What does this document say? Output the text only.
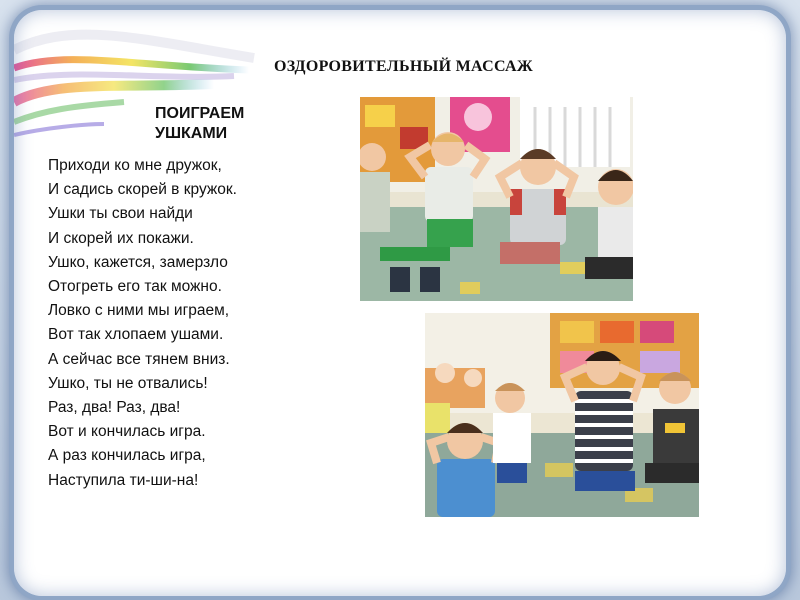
ОЗДОРОВИТЕЛЬНЫЙ МАССАЖ
ПОИГРАЕМ
УШКАМИ
Приходи ко мне дружок,
И садись скорей в кружок.
Ушки ты свои найди
И скорей их покажи.
Ушко, кажется, замерзло
Отогреть его так можно.
Ловко с ними мы играем,
Вот так хлопаем ушами.
А сейчас все тянем вниз.
Ушко, ты не отвались!
Раз, два! Раз, два!
Вот и кончилась игра.
А раз кончилась игра,
Наступила ти-ши-на!
